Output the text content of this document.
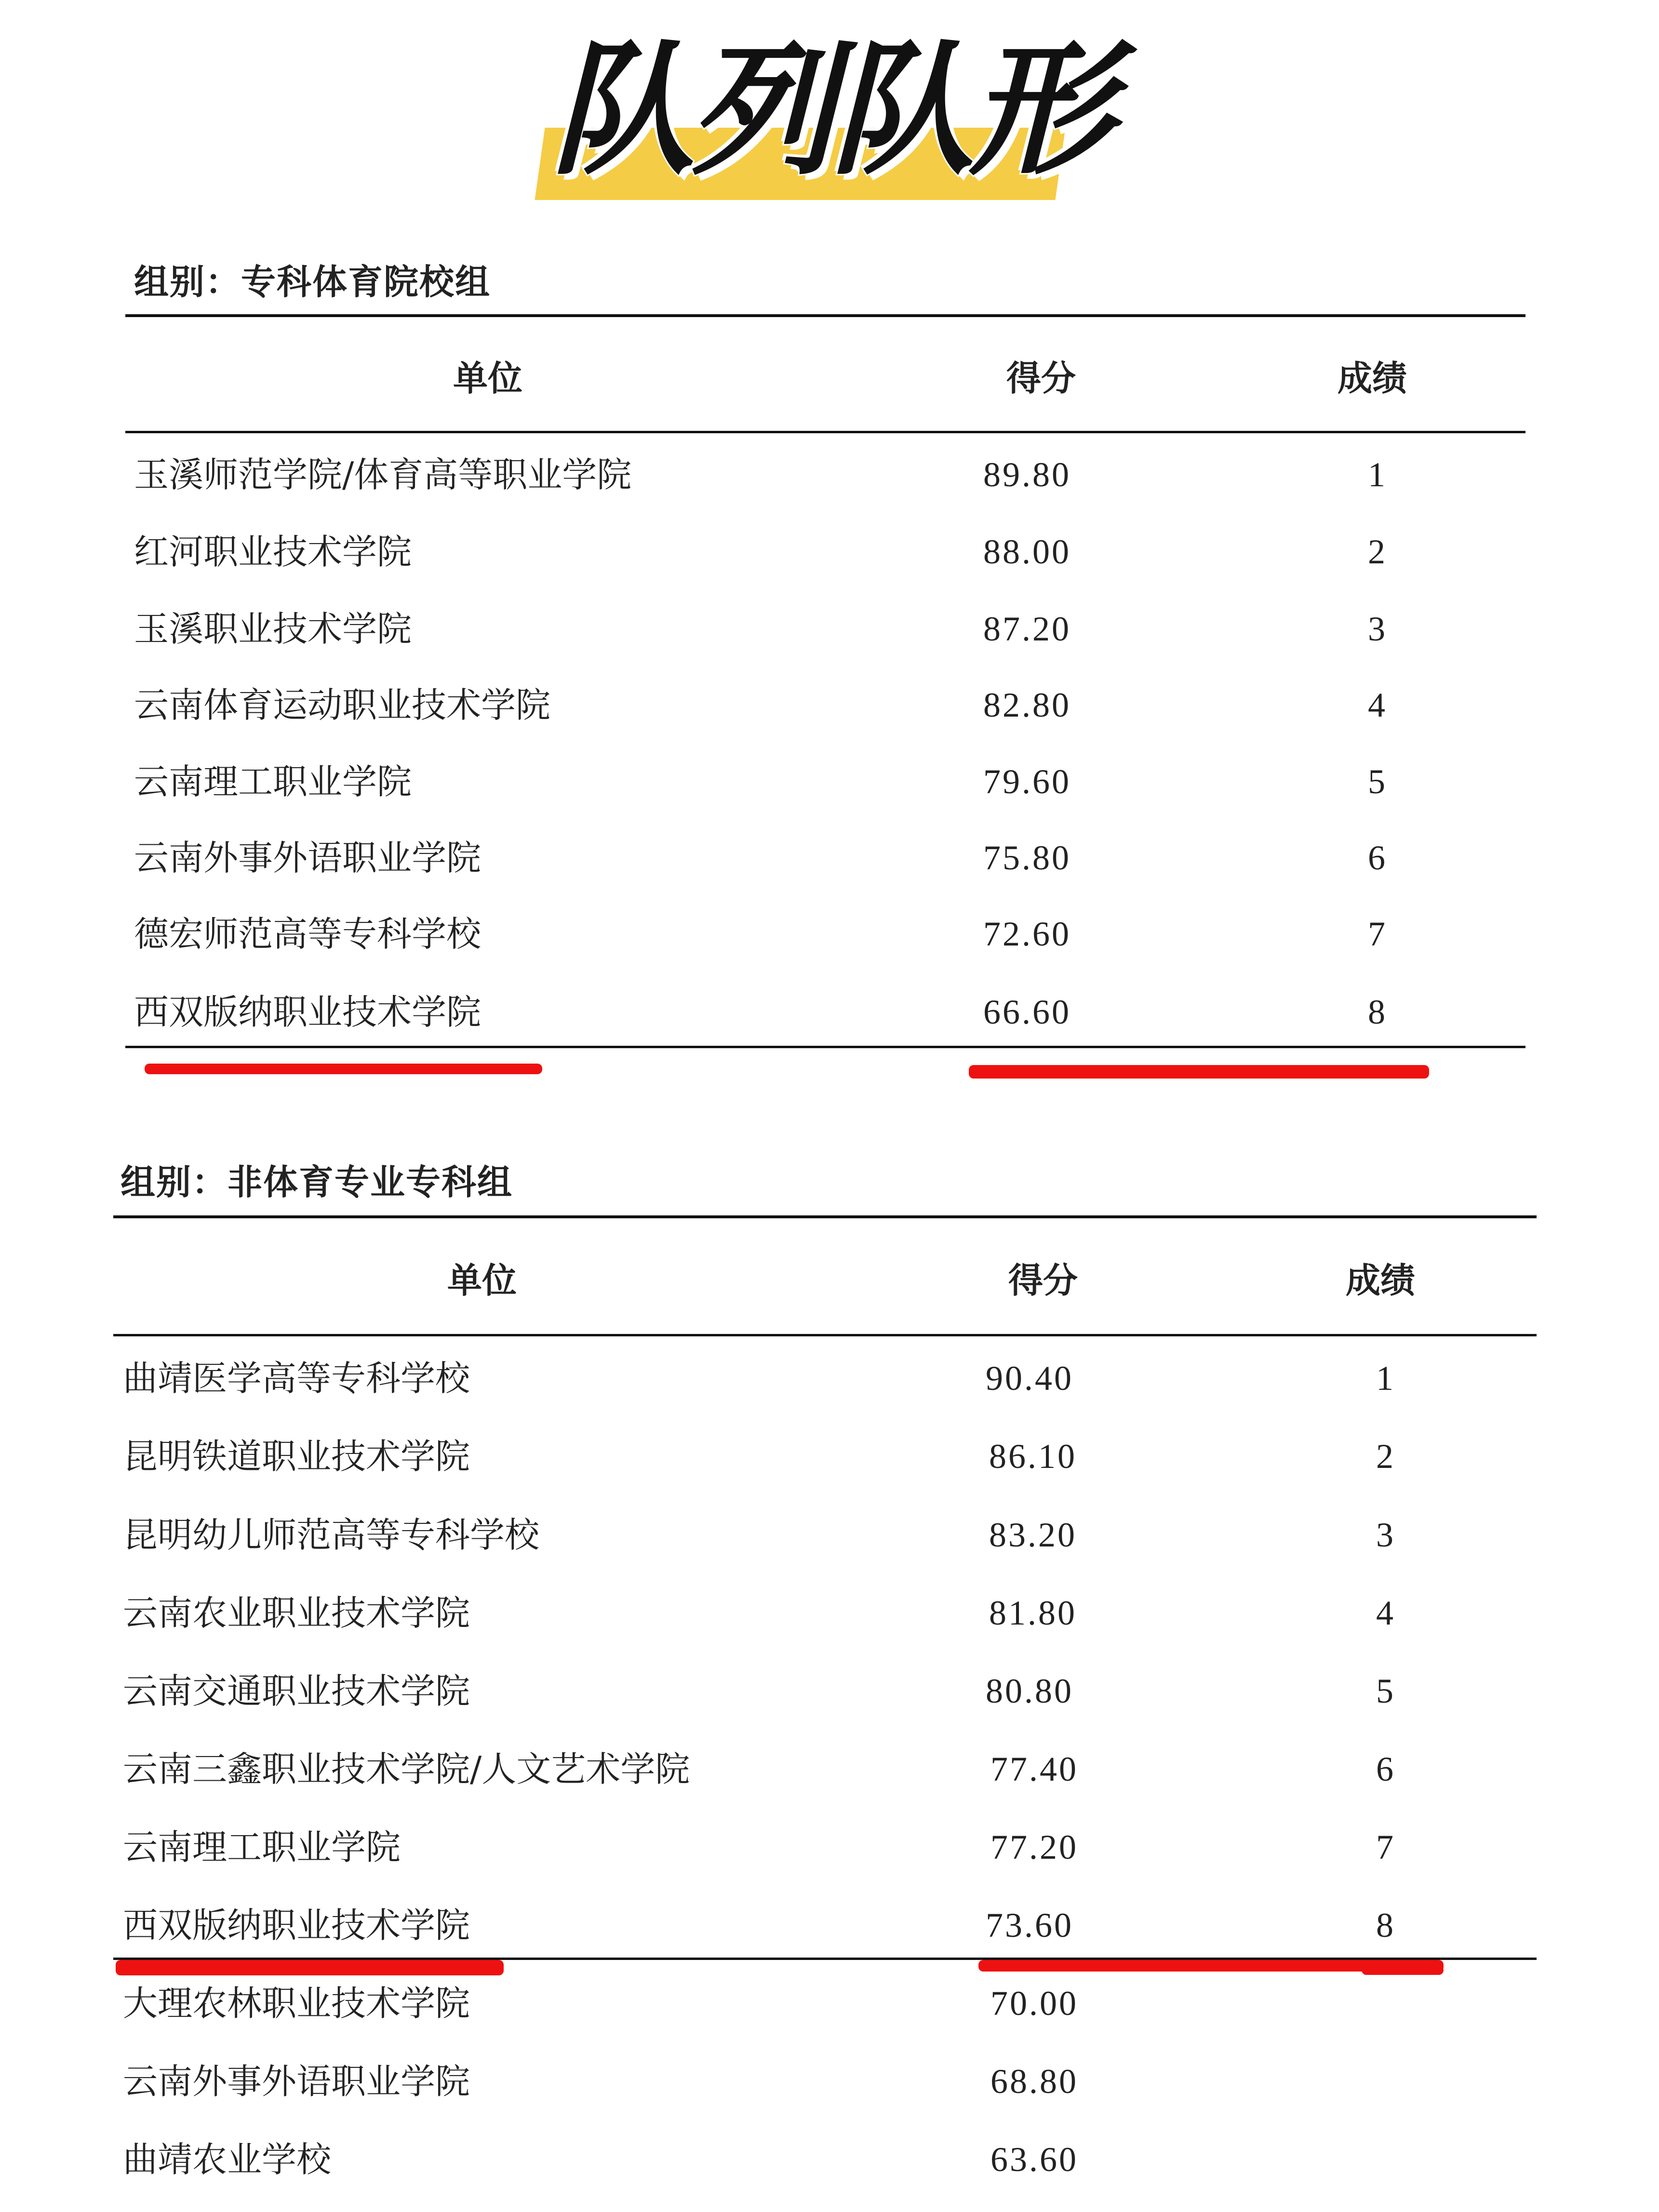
队列队形
组别：专科体育院校组
单位	得分	成绩
玉溪师范学院/体育高等职业学院	89.80	1
红河职业技术学院	88.00	2
玉溪职业技术学院	87.20	3
云南体育运动职业技术学院	82.80	4
云南理工职业学院	79.60	5
云南外事外语职业学院	75.80	6
德宏师范高等专科学校	72.60	7
西双版纳职业技术学院	66.60	8
组别：非体育专业专科组
单位	得分	成绩
曲靖医学高等专科学校	90.40	1
昆明铁道职业技术学院	86.10	2
昆明幼儿师范高等专科学校	83.20	3
云南农业职业技术学院	81.80	4
云南交通职业技术学院	80.80	5
云南三鑫职业技术学院/人文艺术学院	77.40	6
云南理工职业学院	77.20	7
西双版纳职业技术学院	73.60	8
大理农林职业技术学院	70.00
云南外事外语职业学院	68.80
曲靖农业学校	63.60
